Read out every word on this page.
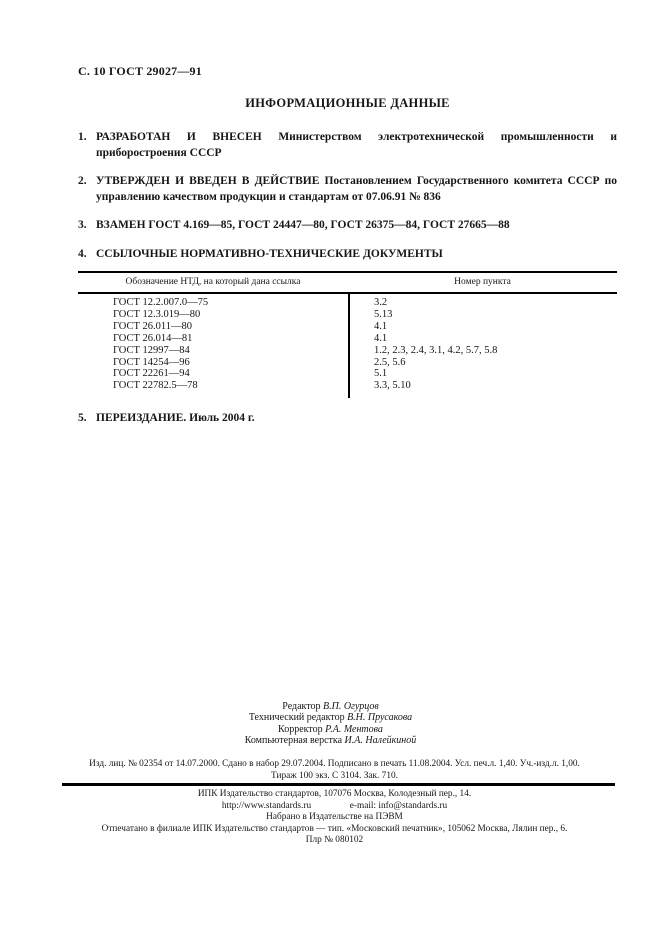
С. 10 ГОСТ 29027—91
ИНФОРМАЦИОННЫЕ ДАННЫЕ
1. РАЗРАБОТАН И ВНЕСЕН Министерством электротехнической промышленности и приборостроения СССР
2. УТВЕРЖДЕН И ВВЕДЕН В ДЕЙСТВИЕ Постановлением Государственного комитета СССР по управлению качеством продукции и стандартам от 07.06.91 № 836
3. ВЗАМЕН ГОСТ 4.169—85, ГОСТ 24447—80, ГОСТ 26375—84, ГОСТ 27665—88
4. ССЫЛОЧНЫЕ НОРМАТИВНО-ТЕХНИЧЕСКИЕ ДОКУМЕНТЫ
Обозначение НТД, на который дана ссылка	Номер пункта
ГОСТ 12.2.007.0—75	3.2
ГОСТ 12.3.019—80	5.13
ГОСТ 26.011—80	4.1
ГОСТ 26.014—81	4.1
ГОСТ 12997—84	1.2, 2.3, 2.4, 3.1, 4.2, 5.7, 5.8
ГОСТ 14254—96	2.5, 5.6
ГОСТ 22261—94	5.1
ГОСТ 22782.5—78	3.3, 5.10
5. ПЕРЕИЗДАНИЕ. Июль 2004 г.
Редактор В.П. Огурцов
Технический редактор В.Н. Прусакова
Корректор Р.А. Ментова
Компьютерная верстка И.А. Налейкиной
Изд. лиц. № 02354 от 14.07.2000. Сдано в набор 29.07.2004. Подписано в печать 11.08.2004. Усл. печ.л. 1,40. Уч.-изд.л. 1,00.
Тираж 100 экз. С 3104. Зак. 710.
ИПК Издательство стандартов, 107076 Москва, Колодезный пер., 14.
http://www.standards.ru	e-mail: info@standards.ru
Набрано в Издательстве на ПЭВМ
Отпечатано в филиале ИПК Издательство стандартов — тип. «Московский печатник», 105062 Москва, Лялин пер., 6.
Плр № 080102
